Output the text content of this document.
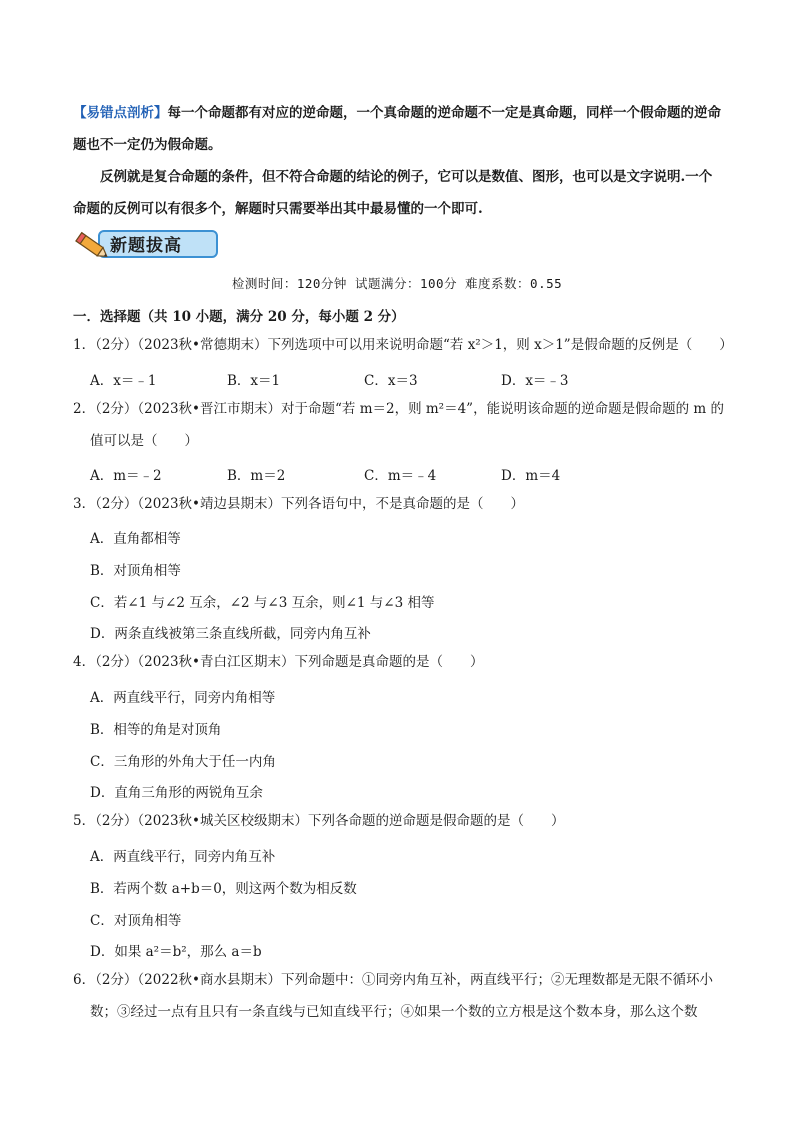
【易错点剖析】每一个命题都有对应的逆命题，一个真命题的逆命题不一定是真命题，同样一个假命题的逆命题也不一定仍为假命题。

反例就是复合命题的条件，但不符合命题的结论的例子，它可以是数值、图形，也可以是文字说明.一个命题的反例可以有很多个，解题时只需要举出其中最易懂的一个即可.

新题拔高
检测时间：120分钟 试题满分：100分 难度系数：0.55
一．选择题（共 10 小题，满分 20 分，每小题 2 分）
1．（2分）（2023秋•常德期末）下列选项中可以用来说明命题“若 x²＞1，则 x＞1”是假命题的反例是（　　）
A．x＝﹣1	B．x＝1	C．x＝3	D．x＝﹣3
2．（2分）（2023秋•晋江市期末）对于命题“若 m＝2，则 m²＝4”，能说明该命题的逆命题是假命题的 m 的
值可以是（　　）
A．m＝﹣2	B．m＝2	C．m＝﹣4	D．m＝4
3．（2分）（2023秋•靖边县期末）下列各语句中，不是真命题的是（　　）
A．直角都相等
B．对顶角相等
C．若∠1 与∠2 互余，∠2 与∠3 互余，则∠1 与∠3 相等
D．两条直线被第三条直线所截，同旁内角互补
4．（2分）（2023秋•青白江区期末）下列命题是真命题的是（　　）
A．两直线平行，同旁内角相等
B．相等的角是对顶角
C．三角形的外角大于任一内角
D．直角三角形的两锐角互余
5．（2分）（2023秋•城关区校级期末）下列各命题的逆命题是假命题的是（　　）
A．两直线平行，同旁内角互补
B．若两个数 a+b＝0，则这两个数为相反数
C．对顶角相等
D．如果 a²＝b²，那么 a＝b
6．（2分）（2022秋•商水县期末）下列命题中：①同旁内角互补，两直线平行；②无理数都是无限不循环小
数；③经过一点有且只有一条直线与已知直线平行；④如果一个数的立方根是这个数本身，那么这个数
